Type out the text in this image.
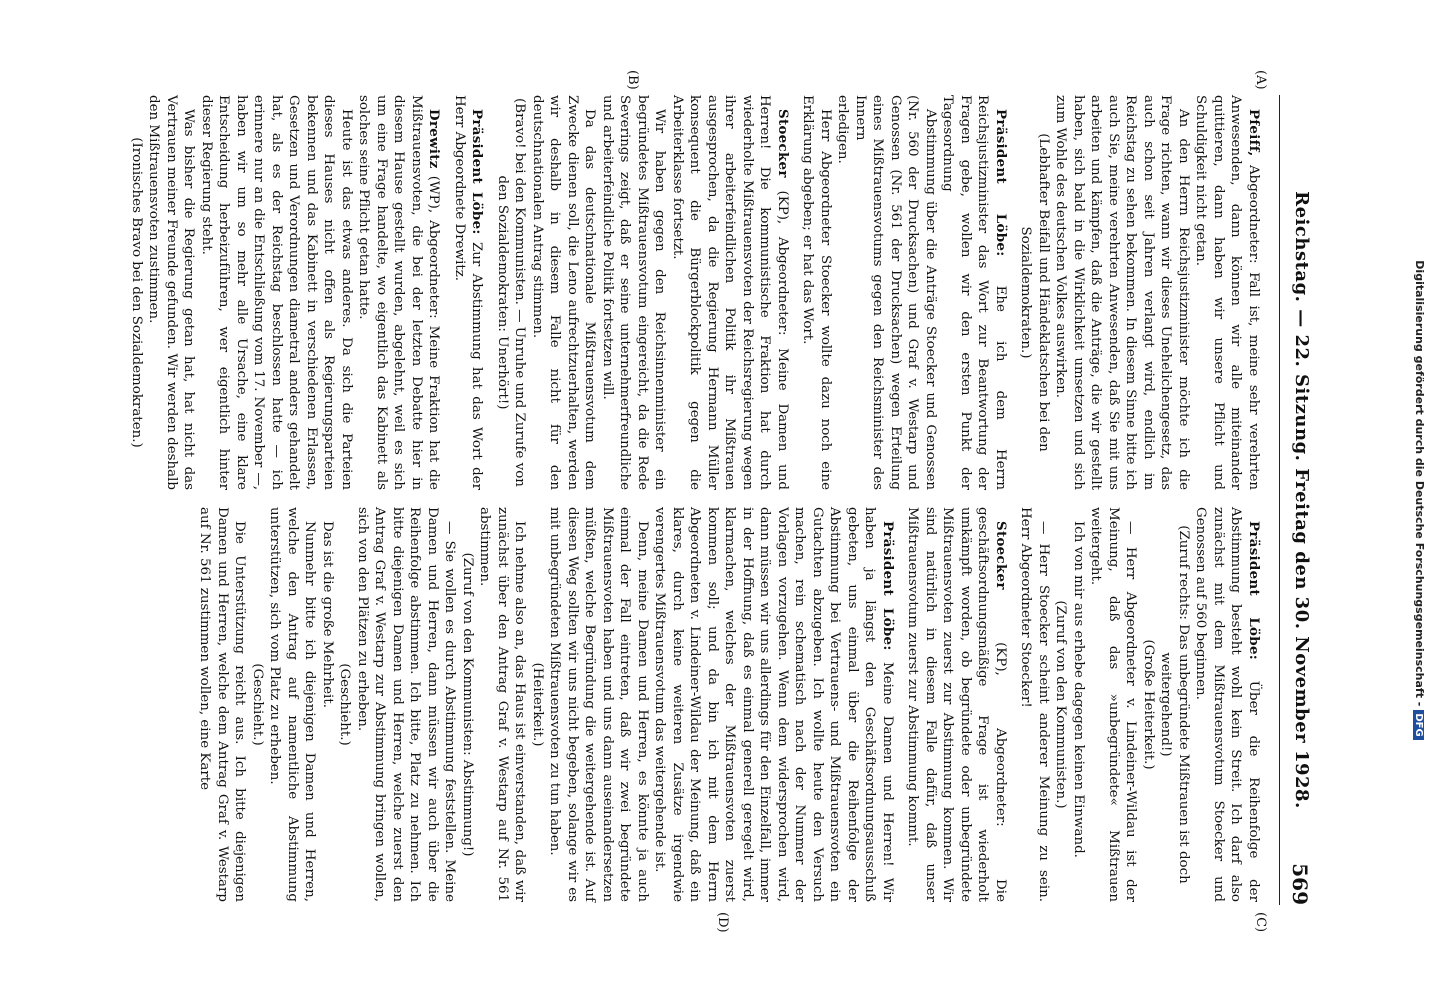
Reichstag. — 22. Sitzung. Freitag den 30. November 1928.
569
(A)
(B)
(C)
(D)

Pfeiff, Abgeordneter: Fall ist, meine sehr verehrten Anwesenden, dann können wir alle miteinander quittieren, dann haben wir unsere Pflicht und Schuldigkeit nicht getan.

An den Herrn Reichsjustizminister möchte ich die Frage richten, wann wir dieses Unehelichengesetz, das auch schon seit Jahren verlangt wird, endlich im Reichstag zu sehen bekommen. In diesem Sinne bitte ich auch Sie, meine verehrten Anwesenden, daß Sie mit uns arbeiten und kämpfen, daß die Anträge, die wir gestellt haben, sich bald in die Wirklichkeit umsetzen und sich zum Wohle des deutschen Volkes auswirken.

(Lebhafter Beifall und Händeklatschen bei den Sozialdemokraten.)

Präsident Löbe: Ehe ich dem Herrn Reichsjustizminister das Wort zur Beantwortung der Fragen gebe, wollen wir den ersten Punkt der Tagesordnung

Abstimmung über die Anträge Stoecker und Genossen (Nr. 560 der Drucksachen) und Graf v. Westarp und Genossen (Nr. 561 der Drucksachen) wegen Erteilung eines Mißtrauensvotums gegen den Reichsminister des Innern

erledigen.

Herr Abgeordneter Stoecker wollte dazu noch eine Erklärung abgeben; er hat das Wort.

Stoecker (KP), Abgeordneter: Meine Damen und Herren! Die kommunistische Fraktion hat durch wiederholte Mißtrauensvoten der Reichsregierung wegen ihrer arbeiterfeindlichen Politik ihr Mißtrauen ausgesprochen, da die Regierung Hermann Müller konsequent die Bürgerblockpolitik gegen die Arbeiterklasse fortsetzt.

Wir haben gegen den Reichsinnenminister ein begründetes Mißtrauensvotum eingereicht, da die Rede Severings zeigt, daß er seine unternehmerfreundliche und arbeiterfeindliche Politik fortsetzen will.

Da das deutschnationale Mißtrauensvotum dem Zwecke dienen soll, die Leno aufrechtzuerhalten, werden wir deshalb in diesem Falle nicht für den deutschnationalen Antrag stimmen.

(Bravo! bei den Kommunisten. — Unruhe und Zurufe von den Sozialdemokraten: Unerhört!)

Präsident Löbe: Zur Abstimmung hat das Wort der Herr Abgeordnete Drewitz.

Drewitz (WP), Abgeordneter: Meine Fraktion hat die Mißtrauensvoten, die bei der letzten Debatte hier in diesem Hause gestellt wurden, abgelehnt, weil es sich um eine Frage handelte, wo eigentlich das Kabinett als solches seine Pflicht getan hatte.

Heute ist das etwas anderes. Da sich die Parteien dieses Hauses nicht offen als Regierungsparteien bekennen und das Kabinett in verschiedenen Erlassen, Gesetzen und Verordnungen diametral anders gehandelt hat, als es der Reichstag beschlossen hatte — ich erinnere nur an die Entschließung vom 17. November —, haben wir um so mehr alle Ursache, eine klare Entscheidung herbeizuführen, wer eigentlich hinter dieser Regierung steht.

Was bisher die Regierung getan hat, hat nicht das Vertrauen meiner Freunde gefunden. Wir werden deshalb den Mißtrauensvoten zustimmen.

(Ironisches Bravo bei den Sozialdemokraten.)

Präsident Löbe: Über die Reihenfolge der Abstimmung besteht wohl kein Streit. Ich darf also zunächst mit dem Mißtrauensvotum Stoecker und Genossen auf 560 beginnen.

(Zuruf rechts: Das unbegründete Mißtrauen ist doch weitergehend!)

(Große Heiterkeit.)

— Herr Abgeordneter v. Lindeiner-Wildau ist der Meinung, daß das »unbegründete« Mißtrauen weitergeht.

Ich von mir aus erhebe dagegen keinen Einwand.

(Zuruf von den Kommunisten.)

— Herr Stoecker scheint anderer Meinung zu sein. Herr Abgeordneter Stoecker!

Stoecker (KP), Abgeordneter: Die geschäftsordnungsmäßige Frage ist wiederholt umkämpft worden, ob begründete oder unbegründete Mißtrauensvoten zuerst zur Abstimmung kommen. Wir sind natürlich in diesem Falle dafür, daß unser Mißtrauensvotum zuerst zur Abstimmung kommt.

Präsident Löbe: Meine Damen und Herren! Wir haben ja längst den Geschäftsordnungsausschuß gebeten, uns einmal über die Reihenfolge der Abstimmung bei Vertrauens- und Mißtrauensvoten ein Gutachten abzugeben. Ich wollte heute den Versuch machen, rein schematisch nach der Nummer der Vorlagen vorzugehen. Wenn dem widersprochen wird, dann müssen wir uns allerdings für den Einzelfall, immer in der Hoffnung, daß es einmal generell geregelt wird, klarmachen, welches der Mißtrauensvoten zuerst kommen soll; und da bin ich mit dem Herrn Abgeordneten v. Lindeiner-Wildau der Meinung, daß ein klares, durch keine weiteren Zusätze irgendwie verengertes Mißtrauensvotum das weitergehende ist.

Denn, meine Damen und Herren, es könnte ja auch einmal der Fall eintreten, daß wir zwei begründete Mißtrauensvoten haben und uns dann auseinandersetzen müßten, welche Begründung die weitergehende ist. Auf diesen Weg sollten wir uns nicht begeben, solange wir es mit unbegründeten Mißtrauensvoten zu tun haben.

(Heiterkeit.)

Ich nehme also an, das Haus ist einverstanden, daß wir zunächst über den Antrag Graf v. Westarp auf Nr. 561 abstimmen.

(Zuruf von den Kommunisten: Abstimmung!)

— Sie wollen es durch Abstimmung feststellen. Meine Damen und Herren, dann müssen wir auch über die Reihenfolge abstimmen. Ich bitte, Platz zu nehmen. Ich bitte diejenigen Damen und Herren, welche zuerst den Antrag Graf v. Westarp zur Abstimmung bringen wollen, sich von den Plätzen zu erheben.

(Geschieht.)

Das ist die große Mehrheit.

Nunmehr bitte ich diejenigen Damen und Herren, welche den Antrag auf namentliche Abstimmung unterstützen, sich vom Platz zu erheben.

(Geschieht.)

Die Unterstützung reicht aus. Ich bitte diejenigen Damen und Herren, welche dem Antrag Graf v. Westarp auf Nr. 561 zustimmen wollen, eine Karte	Digitalisierung gefördert durch die Deutsche Forschungsgemeinschaft -DFG
